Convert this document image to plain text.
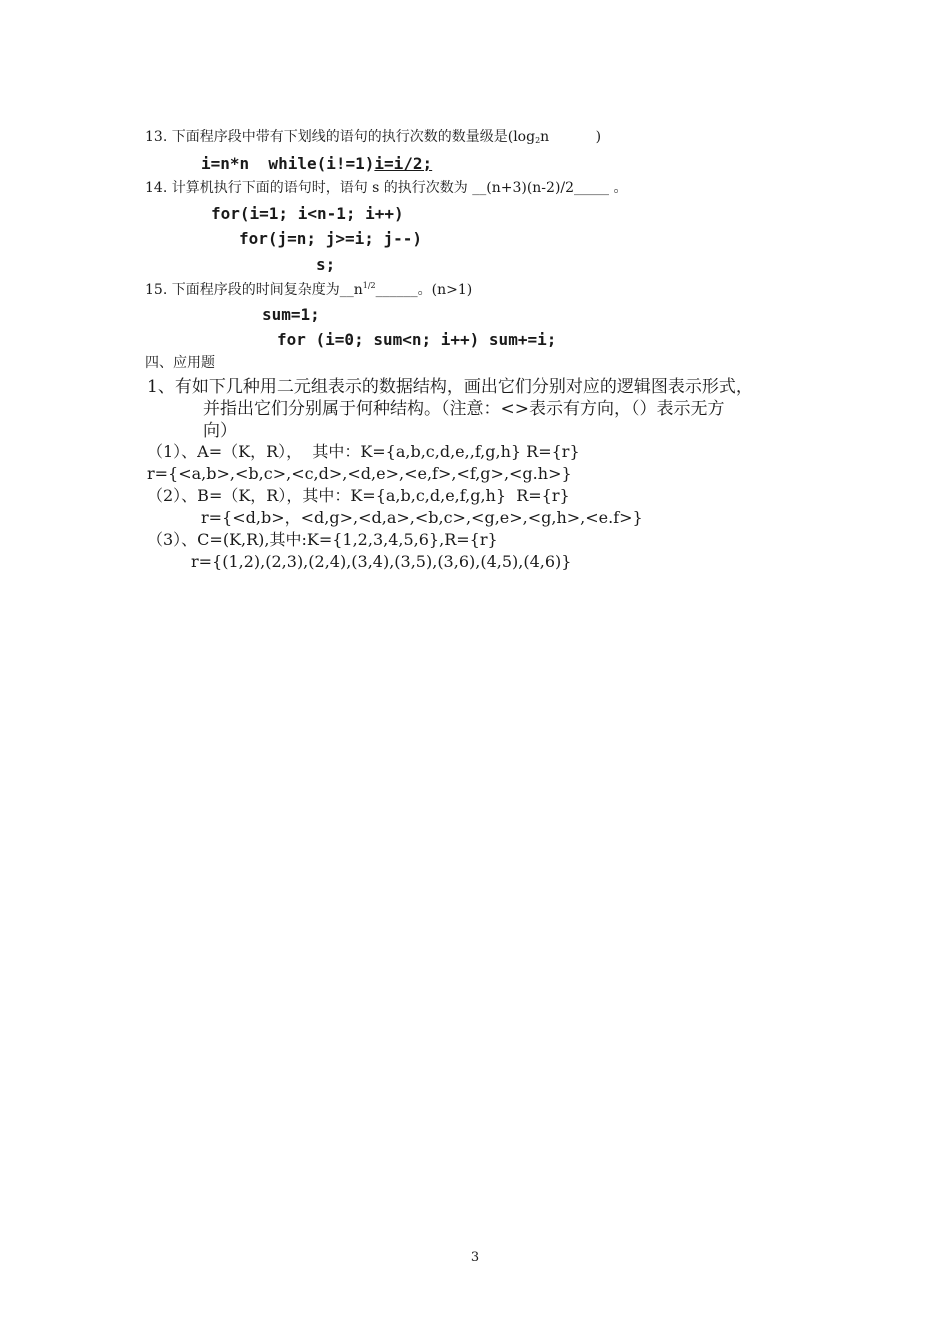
13. 下面程序段中带有下划线的语句的执行次数的数量级是($\log_2n$	)
i=n*n  while(i!=1)i=i/2;
14. 计算机执行下面的语句时，语句 s 的执行次数为 __(n+3)(n-2)/2_____ 。
for(i=1; i<n-1; i++)
for(j=n; j>=i; j--)
s;
15. 下面程序段的时间复杂度为$\_\_n^{1/2}\_\_\_\_\_\_$。(n>1)
sum=1;
for (i=0; sum<n; i++) sum+=i;
四、应用题
1、有如下几种用二元组表示的数据结构，画出它们分别对应的逻辑图表示形式，
并指出它们分别属于何种结构。（注意：<>表示有方向，（）表示无方
向）
（1）、A=（K，R），  其中：K={a,b,c,d,e,,f,g,h} R={r}
r={<a,b>,<b,c>,<c,d>,<d,e>,<e,f>,<f,g>,<g.h>}
（2）、B=（K，R），其中：K={a,b,c,d,e,f,g,h}  R={r}
r={<d,b>，<d,g>,<d,a>,<b,c>,<g,e>,<g,h>,<e.f>}
（3）、C=(K,R),其中:K={1,2,3,4,5,6},R={r}
r={(1,2),(2,3),(2,4),(3,4),(3,5),(3,6),(4,5),(4,6)}
3
